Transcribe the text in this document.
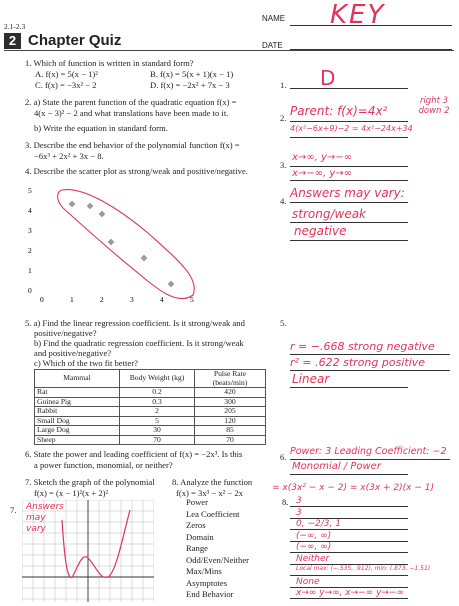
2.1-2.3
2 Chapter Quiz
NAME KEY
DATE
1. Which of function is written in standard form?
A. f(x) = 5(x − 1)²	B. f(x) = 5(x + 1)(x − 1)
C. f(x) = −3x² − 2	D. f(x) = −2x² + 7x − 3	1. D
2. a) State the parent function of the quadratic equation f(x) =
4(x − 3)² − 2 and what translations have been made to it.
b) Write the equation in standard form.
2. Parent: f(x)=4x²
right 3 down 2
4(x²−6x+9)−2 = 4x²−24x+34
3. Describe the end behavior of the polynomial function f(x) =
−6x³ + 2x² + 3x − 8.
3.
x→∞, y→−∞
x→−∞, y→∞
4. Describe the scatter plot as strong/weak and positive/negative.
4.
Answers may vary:
strong/weak
negative
5
4
3
2
1
0
0	1	2	3	4	5
5. a) Find the linear regression coefficient. Is it strong/weak and
positive/negative?
b) Find the quadratic regression coefficient. Is it strong/weak
and positive/negative?
c) Which of the two fit better?
Mammal	Body Weight (kg)	Pulse Rate (beats/min)
Rat	0.2	420
Guinea Pig	0.3	300
Rabbit	2	205
Small Dog	5	120
Large Dog	30	85
Sheep	70	70
5.
r = −.668 strong negative
r² = .622 strong positive
Linear
6. State the power and leading coefficient of f(x) = −2x³. Is this
a power function, monomial, or neither?
6. Power: 3 Leading Coefficient: −2
Monomial / Power
7. Sketch the graph of the polynomial
f(x) = (x − 1)²(x + 2)²
7. Answers may vary
8. Analyze the function
f(x) = 3x³ − x² − 2x	= x(3x² − x − 2) = x(3x + 2)(x − 1)
8.
Power	3
Lea Coefficient	3
Zeros	0, −2/3, 1
Domain	(−∞, ∞)
Range	(−∞, ∞)
Odd/Even/Neither	Neither
Max/Mins	Local max: (−.535, .912), min: (.873, −1.51)
Asymptotes	None
End Behavior	x→∞ y→∞, x→−∞ y→−∞
